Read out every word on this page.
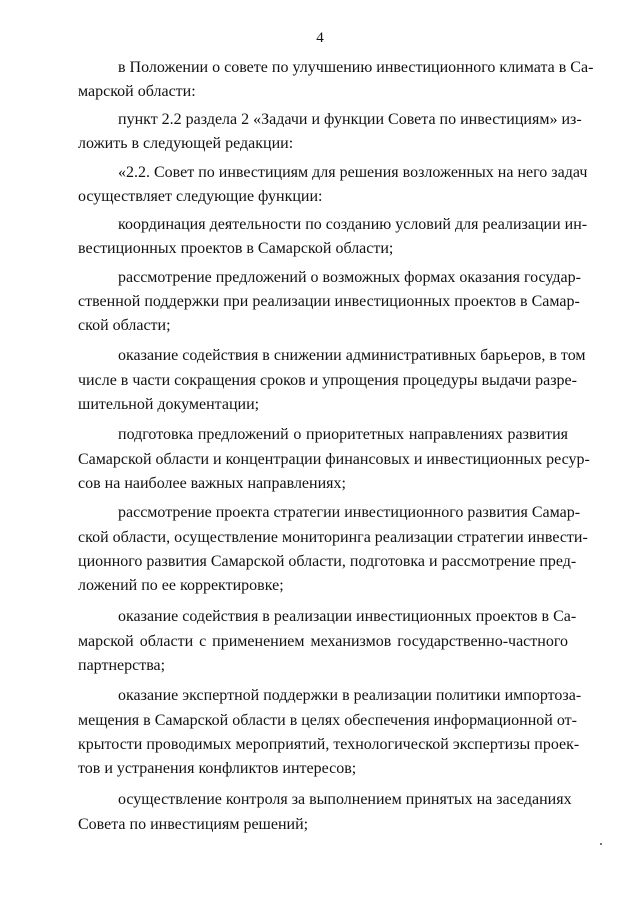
4
в Положении о совете по улучшению инвестиционного климата в Са-
марской области:
пункт 2.2 раздела 2 «Задачи и функции Совета по инвестициям» из-
ложить в следующей редакции:
«2.2. Совет по инвестициям для решения возложенных на него задач
осуществляет следующие функции:
координация деятельности по созданию условий для реализации ин-
вестиционных проектов в Самарской области;
рассмотрение предложений о возможных формах оказания государ-
ственной поддержки при реализации инвестиционных проектов в Самар-
ской области;
оказание содействия в снижении административных барьеров, в том
числе в части сокращения сроков и упрощения процедуры выдачи разре-
шительной документации;
подготовка предложений о приоритетных направлениях развития
Самарской области и концентрации финансовых и инвестиционных ресур-
сов на наиболее важных направлениях;
рассмотрение проекта стратегии инвестиционного развития Самар-
ской области, осуществление мониторинга реализации стратегии инвести-
ционного развития Самарской области, подготовка и рассмотрение пред-
ложений по ее корректировке;
оказание содействия в реализации инвестиционных проектов в Са-
марской области с применением механизмов государственно-частного
партнерства;
оказание экспертной поддержки в реализации политики импортоза-
мещения в Самарской области в целях обеспечения информационной от-
крытости проводимых мероприятий, технологической экспертизы проек-
тов и устранения конфликтов интересов;
осуществление контроля за выполнением принятых на заседаниях
Совета по инвестициям решений;
